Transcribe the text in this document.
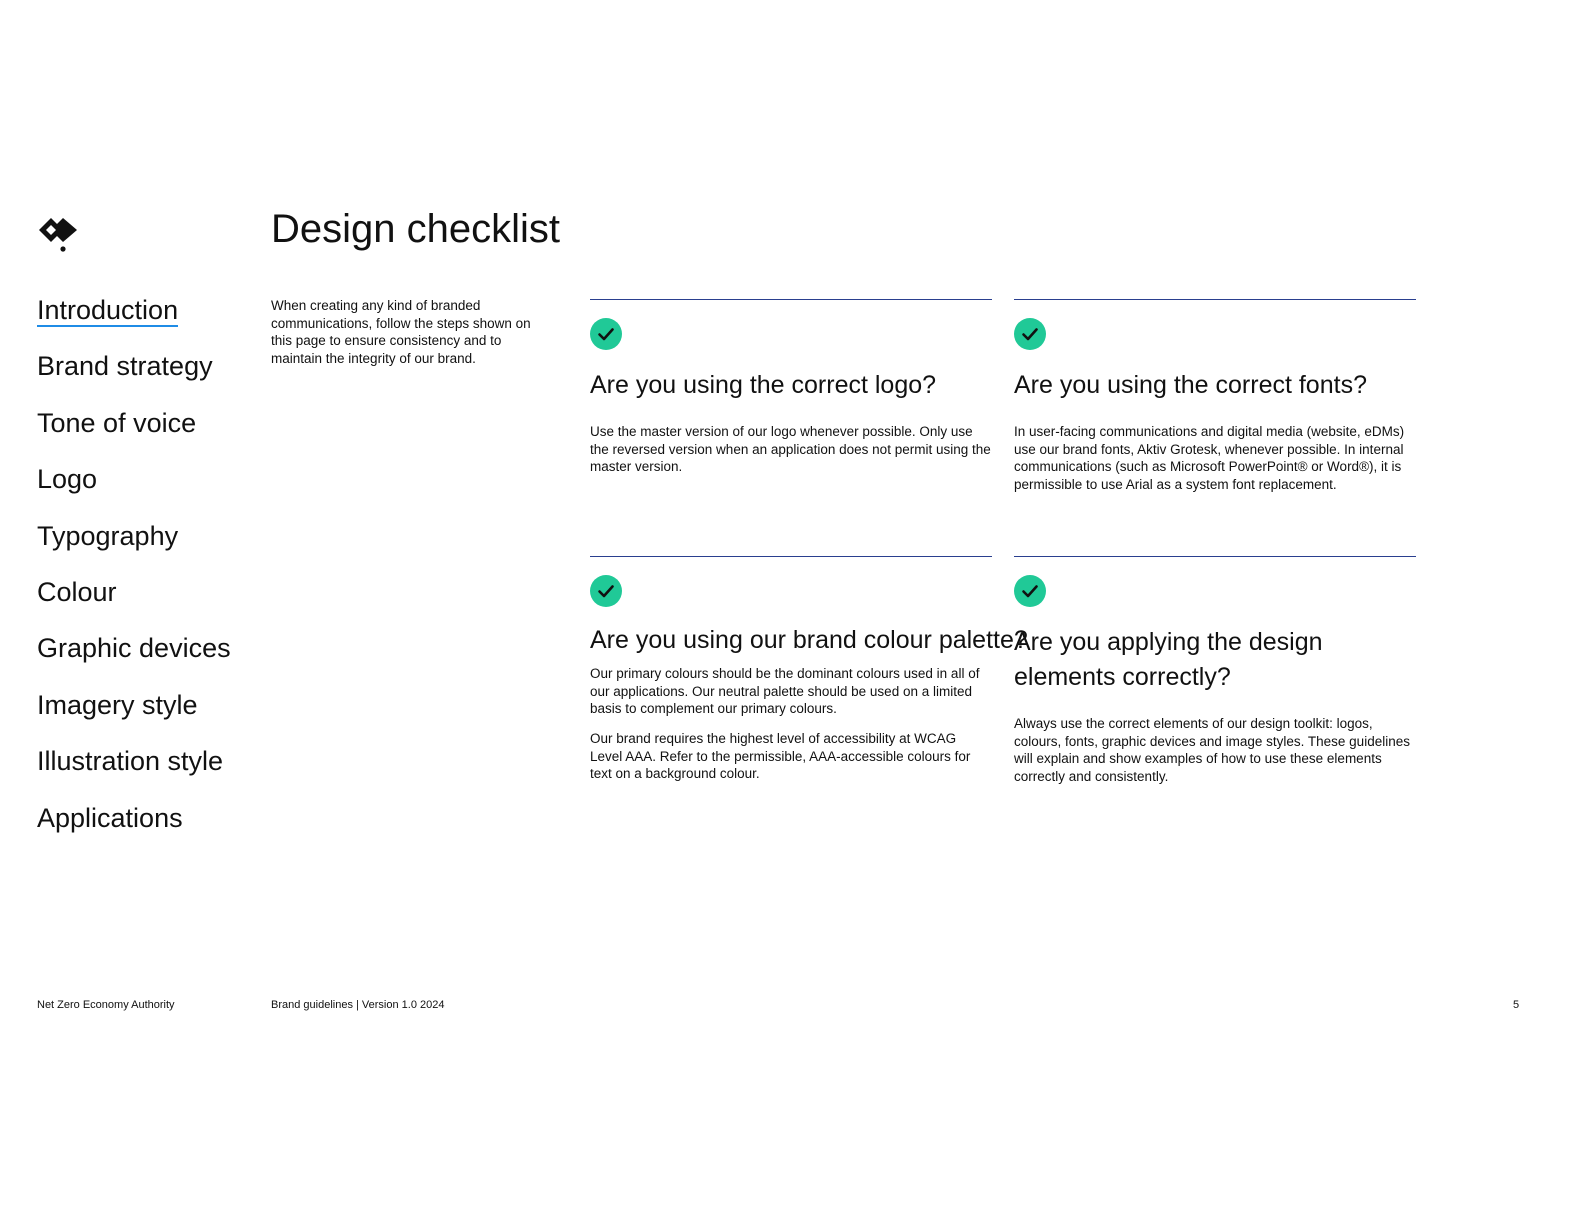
Introduction
Brand strategy
Tone of voice
Logo
Typography
Colour
Graphic devices
Imagery style
Illustration style
Applications
Design checklist

When creating any kind of branded communications, follow the steps shown on this page to ensure consistency and to maintain the integrity of our brand.

Are you using the correct logo?

Use the master version of our logo whenever possible. Only use the reversed version when an application does not permit using the master version.

Are you using the correct fonts?

In user-facing communications and digital media (website, eDMs) use our brand fonts, Aktiv Grotesk, whenever possible. In internal communications (such as Microsoft PowerPoint® or Word®), it is permissible to use Arial as a system font replacement.

Are you using our brand colour palette?

Our primary colours should be the dominant colours used in all of our applications. Our neutral palette should be used on a limited basis to complement our primary colours.

Our brand requires the highest level of accessibility at WCAG Level AAA. Refer to the permissible, AAA-accessible colours for text on a background colour.

Are you applying the design
elements correctly?

Always use the correct elements of our design toolkit: logos, colours, fonts, graphic devices and image styles. These guidelines will explain and show examples of how to use these elements correctly and consistently.

Net Zero Economy Authority	Brand guidelines | Version 1.0 2024	5
